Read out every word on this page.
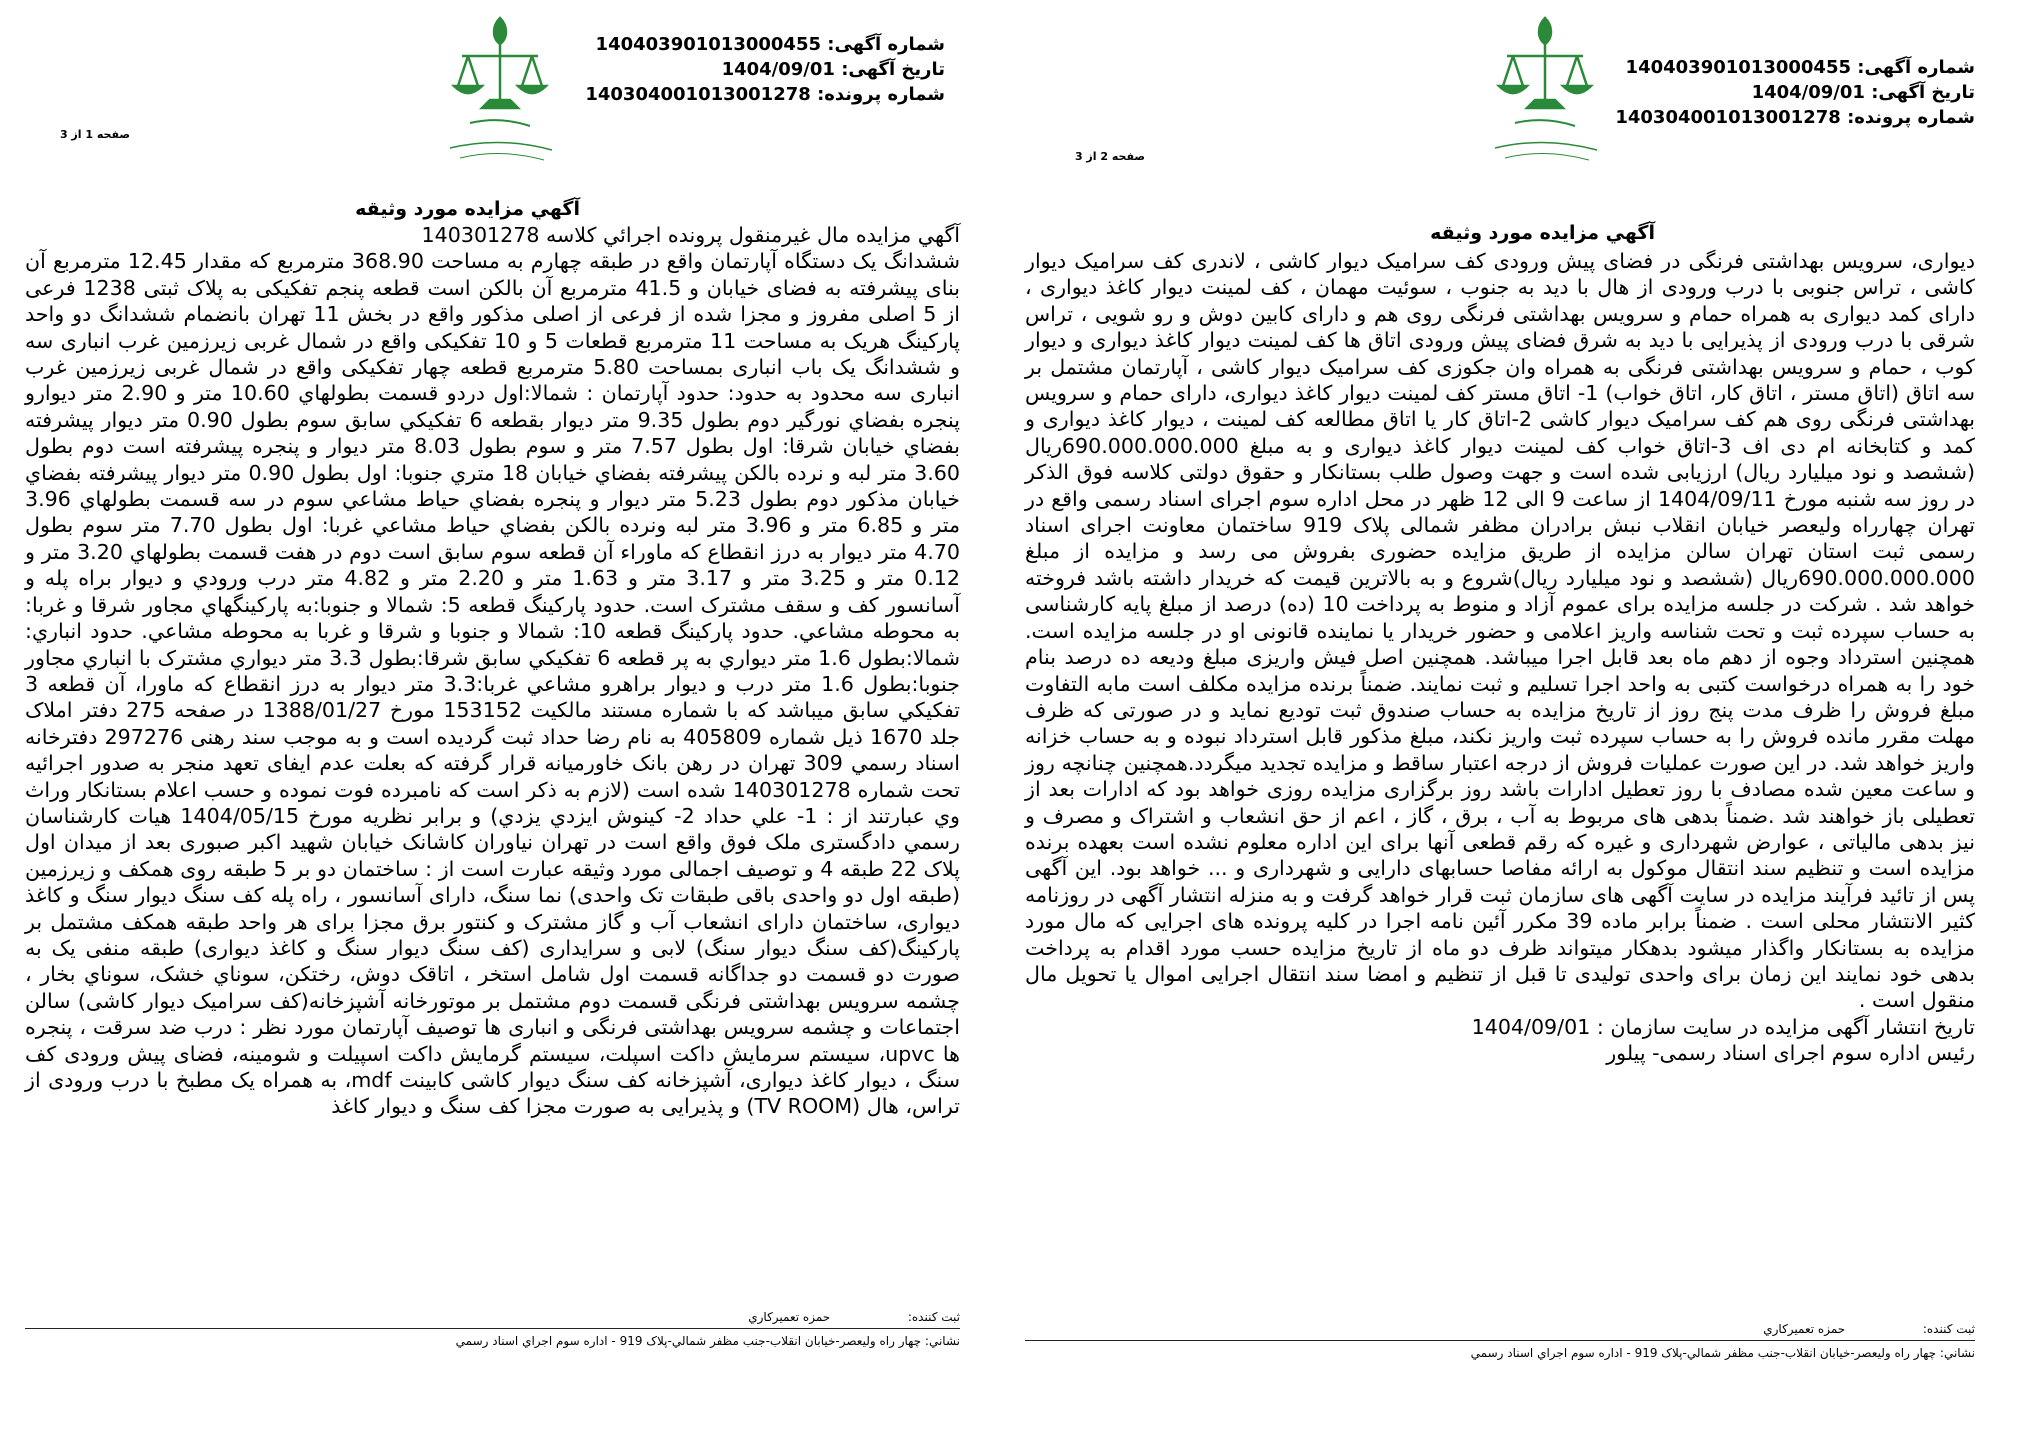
شماره آگهی: 140403901013000455
تاریخ آگهی: 1404/09/01
شماره پرونده: 140304001013001278
صفحه 2 از 3
آگهي مزايده مورد وثيقه

ديواری، سرويس بهداشتی فرنگی در فضای پيش ورودی كف سراميک ديوار كاشی ، لاندری كف سراميک ديوار كاشی ، تراس جنوبی با درب ورودی از هال با ديد به جنوب ، سوئيت مهمان ، كف لمينت ديوار كاغذ ديواری ، دارای كمد ديواری به همراه حمام و سرويس بهداشتی فرنگی روی هم و دارای كابين دوش و رو شويی ، تراس شرقی با درب ورودی از پذيرايی با ديد به شرق فضای پيش ورودی اتاق ها كف لمينت ديوار كاغذ ديواری و ديوار كوب ، حمام و سرويس بهداشتی فرنگی به همراه وان جكوزی كف سراميک ديوار كاشی ، آپارتمان مشتمل بر سه اتاق (اتاق مستر ، اتاق كار، اتاق خواب) 1- اتاق مستر كف لمينت ديوار كاغذ ديواری، دارای حمام و سرويس بهداشتی فرنگی روی هم كف سراميک ديوار كاشی 2-اتاق كار يا اتاق مطالعه كف لمينت ، ديوار كاغذ ديواری و كمد و كتابخانه ام دی اف 3-اتاق خواب كف لمينت ديوار كاغذ ديواری و به مبلغ 690.000.000.000ريال (ششصد و نود ميليارد ريال) ارزيابی شده است و جهت وصول طلب بستانكار و حقوق دولتی كلاسه فوق الذكر در روز سه شنبه مورخ 1404/09/11 از ساعت 9 الی 12 ظهر در محل اداره سوم اجرای اسناد رسمی واقع در تهران چهارراه وليعصر خيابان انقلاب نبش برادران مظفر شمالی پلاک 919 ساختمان معاونت اجرای اسناد رسمی ثبت استان تهران سالن مزايده از طريق مزايده حضوری بفروش می رسد و مزايده از مبلغ 690.000.000.000ريال (ششصد و نود ميليارد ريال)شروع و به بالاترين قيمت كه خريدار داشته باشد فروخته خواهد شد . شركت در جلسه مزايده برای عموم آزاد و منوط به پرداخت 10 (ده) درصد از مبلغ پايه كارشناسی به حساب سپرده ثبت و تحت شناسه واريز اعلامی و حضور خريدار يا نماينده قانونی او در جلسه مزايده است. همچنين استرداد وجوه از دهم ماه بعد قابل اجرا ميباشد. همچنين اصل فيش واريزی مبلغ وديعه ده درصد بنام خود را به همراه درخواست كتبی به واحد اجرا تسليم و ثبت نمايند. ضمناً برنده مزايده مكلف است مابه التفاوت مبلغ فروش را ظرف مدت پنج روز از تاريخ مزايده به حساب صندوق ثبت توديع نمايد و در صورتی كه ظرف مهلت مقرر مانده فروش را به حساب سپرده ثبت واريز نكند، مبلغ مذكور قابل استرداد نبوده و به حساب خزانه واريز خواهد شد. در اين صورت عمليات فروش از درجه اعتبار ساقط و مزايده تجديد ميگردد.همچنين چنانچه روز و ساعت معين شده مصادف با روز تعطيل ادارات باشد روز برگزاری مزايده روزی خواهد بود كه ادارات بعد از تعطيلی باز خواهند شد .ضمناً بدهی های مربوط به آب ، برق ، گاز ، اعم از حق انشعاب و اشتراک و مصرف و نيز بدهی مالياتی ، عوارض شهرداری و غيره كه رقم قطعی آنها برای اين اداره معلوم نشده است بعهده برنده مزايده است و تنظيم سند انتقال موكول به ارائه مفاصا حسابهای دارايی و شهرداری و ... خواهد بود. اين آگهی پس از تائيد فرآيند مزايده در سايت آگهی های سازمان ثبت قرار خواهد گرفت و به منزله انتشار آگهی در روزنامه كثير الانتشار محلی است . ضمناً برابر ماده 39 مكرر آئين نامه اجرا در كليه پرونده های اجرايی كه مال مورد مزايده به بستانكار واگذار ميشود بدهكار ميتواند ظرف دو ماه از تاريخ مزايده حسب مورد اقدام به پرداخت بدهی خود نمايند اين زمان برای واحدی توليدی تا قبل از تنظيم و امضا سند انتقال اجرايی اموال يا تحويل مال منقول است .

تاريخ انتشار آگهی مزايده در سايت سازمان : 1404/09/01

رئيس اداره سوم اجرای اسناد رسمی- پيلور

ثبت كننده:  حمزه تعميركاري
نشاني: چهار راه وليعصر-خيابان انقلاب-جنب مظفر شمالي-پلاک 919 - اداره سوم اجراي اسناد رسمي
شماره آگهی: 140403901013000455
تاریخ آگهی: 1404/09/01
شماره پرونده: 140304001013001278
صفحه 1 از 3
آگهي مزايده مورد وثيقه

آگهي مزايده مال غيرمنقول پرونده اجرائي كلاسه 140301278

ششدانگ يک دستگاه آپارتمان واقع در طبقه چهارم به مساحت 368.90 مترمربع كه مقدار 12.45 مترمربع آن بنای پيشرفته به فضای خيابان و 41.5 مترمربع آن بالكن است قطعه پنجم تفكيكی به پلاک ثبتی 1238 فرعی از 5 اصلی مفروز و مجزا شده از فرعی از اصلی مذكور واقع در بخش 11 تهران بانضمام ششدانگ دو واحد پاركينگ هريک به مساحت 11 مترمربع قطعات 5 و 10 تفكيكی واقع در شمال غربی زيرزمين غرب انباری سه و ششدانگ يک باب انباری بمساحت 5.80 مترمربع قطعه چهار تفكيكی واقع در شمال غربی زيرزمين غرب انباری سه محدود به حدود: حدود آپارتمان : شمالا:اول دردو قسمت بطولهاي 10.60 متر و 2.90 متر ديوارو پنجره بفضاي نورگير دوم بطول 9.35 متر ديوار بقطعه 6 تفكيكي سابق سوم بطول 0.90 متر ديوار پيشرفته بفضاي خيابان شرقا: اول بطول 7.57 متر و سوم بطول 8.03 متر ديوار و پنجره پيشرفته است دوم بطول 3.60 متر لبه و نرده بالكن پيشرفته بفضاي خيابان 18 متري جنوبا: اول بطول 0.90 متر ديوار پيشرفته بفضاي خيابان مذكور دوم بطول 5.23 متر ديوار و پنجره بفضاي حياط مشاعي سوم در سه قسمت بطولهاي 3.96 متر و 6.85 متر و 3.96 متر لبه ونرده بالكن بفضاي حياط مشاعي غربا: اول بطول 7.70 متر سوم بطول 4.70 متر ديوار به درز انقطاع كه ماوراء آن قطعه سوم سابق است دوم در هفت قسمت بطولهاي 3.20 متر و 0.12 متر و 3.25 متر و 3.17 متر و 1.63 متر و 2.20 متر و 4.82 متر درب ورودي و ديوار براه پله و آسانسور كف و سقف مشترک است. حدود پاركينگ قطعه 5: شمالا و جنوبا:به پاركينگهاي مجاور شرقا و غربا: به محوطه مشاعي. حدود پاركينگ قطعه 10: شمالا و جنوبا و شرقا و غربا به محوطه مشاعي. حدود انباري: شمالا:بطول 1.6 متر ديواري به پر قطعه 6 تفكيكي سابق شرقا:بطول 3.3 متر ديواري مشترک با انباري مجاور جنوبا:بطول 1.6 متر درب و ديوار براهرو مشاعي غربا:3.3 متر ديوار به درز انقطاع كه ماورا، آن قطعه 3 تفكيكي سابق ميباشد كه با شماره مستند مالكيت 153152 مورخ 1388/01/27 در صفحه 275 دفتر املاک جلد 1670 ذيل شماره 405809 به نام رضا حداد ثبت گرديده است و به موجب سند رهنی 297276 دفترخانه اسناد رسمي 309 تهران در رهن بانک خاورميانه قرار گرفته كه بعلت عدم ايفای تعهد منجر به صدور اجرائيه تحت شماره 140301278 شده است (لازم به ذكر است كه نامبرده فوت نموده و حسب اعلام بستانكار وراث وي عبارتند از : 1- علي حداد 2- كينوش ايزدي يزدي) و برابر نظريه مورخ 1404/05/15 هيات كارشناسان رسمي دادگستری ملک فوق واقع است در تهران نياوران كاشانک خيابان شهيد اكبر صبوری بعد از ميدان اول پلاک 22 طبقه 4 و توصيف اجمالی مورد وثيقه عبارت است از : ساختمان دو بر 5 طبقه روی همكف و زيرزمين (طبقه اول دو واحدی باقی طبقات تک واحدی) نما سنگ، دارای آسانسور ، راه پله كف سنگ ديوار سنگ و كاغذ ديواری، ساختمان دارای انشعاب آب و گاز مشترک و كنتور برق مجزا برای هر واحد طبقه همكف مشتمل بر پاركينگ(كف سنگ ديوار سنگ) لابی و سرايداری (كف سنگ ديوار سنگ و كاغذ ديواری) طبقه منفی يک به صورت دو قسمت دو جداگانه قسمت اول شامل استخر ، اتاقک دوش، رختكن، سوناي خشک، سوناي بخار ، چشمه سرويس بهداشتی فرنگی قسمت دوم مشتمل بر موتورخانه آشپزخانه(كف سراميک ديوار كاشی) سالن اجتماعات و چشمه سرويس بهداشتی فرنگی و انباری ها توصيف آپارتمان مورد نظر : درب ضد سرقت ، پنجره ها upvc، سيستم سرمايش داكت اسپلت، سيستم گرمايش داكت اسپيلت و شومينه، فضای پيش ورودی كف سنگ ، ديوار كاغذ ديواری، آشپزخانه كف سنگ ديوار كاشی كابينت mdf، به همراه يک مطبخ با درب ورودی از تراس، هال (TV ROOM) و پذيرايی به صورت مجزا كف سنگ و ديوار كاغذ

ثبت كننده:  حمزه تعميركاري
نشاني: چهار راه وليعصر-خيابان انقلاب-جنب مظفر شمالي-پلاک 919 - اداره سوم اجراي اسناد رسمي
